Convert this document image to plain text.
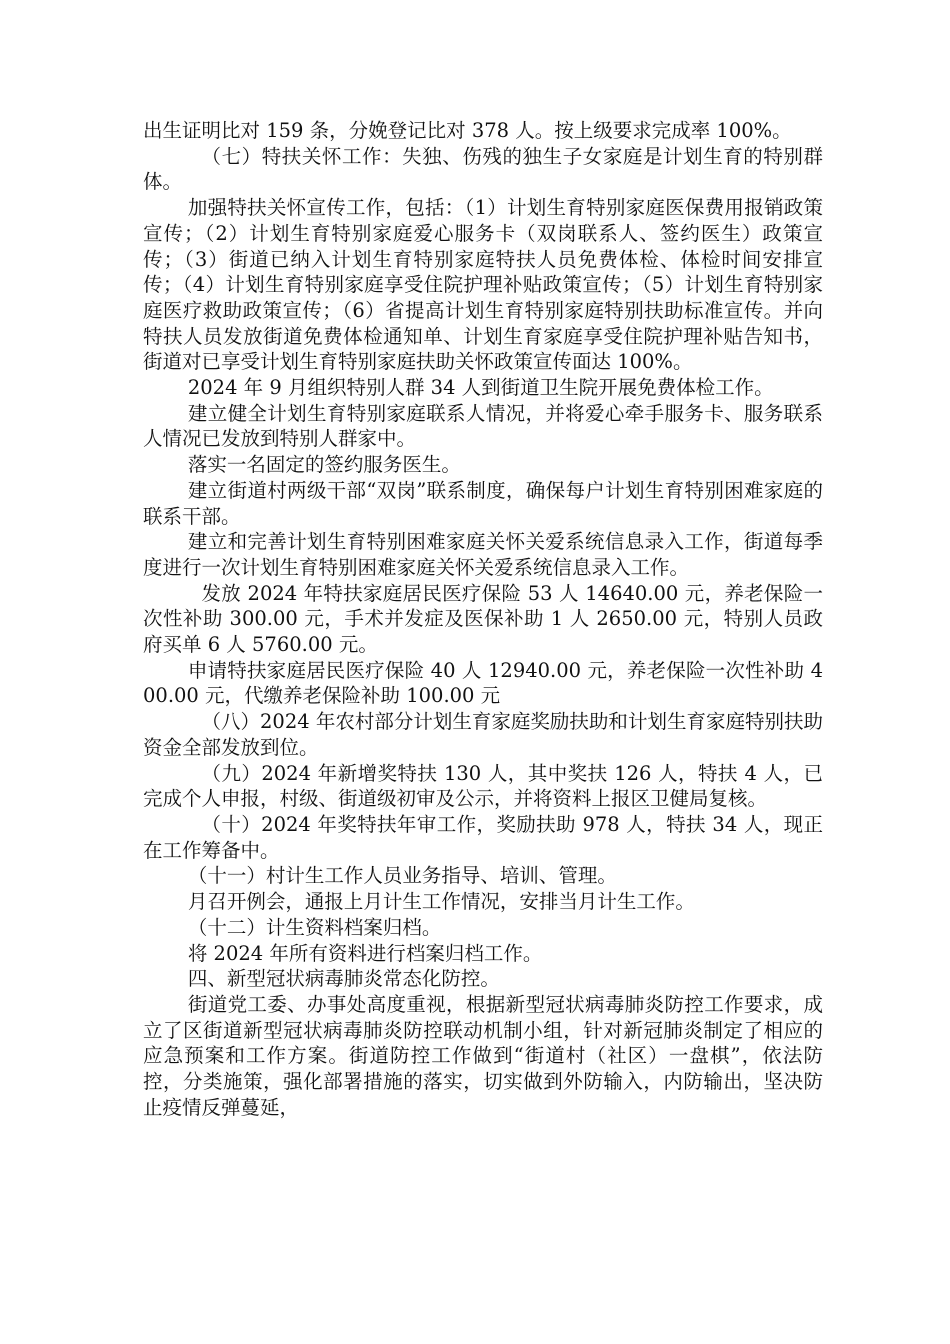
出生证明比对 159 条，分娩登记比对 378 人。按上级要求完成率 100%。

（七）特扶关怀工作：失独、伤残的独生子女家庭是计划生育的特别群体。

加强特扶关怀宣传工作，包括：（1）计划生育特别家庭医保费用报销政策宣传；（2）计划生育特别家庭爱心服务卡（双岗联系人、签约医生）政策宣传；（3）街道已纳入计划生育特别家庭特扶人员免费体检、体检时间安排宣传；（4）计划生育特别家庭享受住院护理补贴政策宣传；（5）计划生育特别家庭医疗救助政策宣传；（6）省提高计划生育特别家庭特别扶助标准宣传。并向特扶人员发放街道免费体检通知单、计划生育家庭享受住院护理补贴告知书，街道对已享受计划生育特别家庭扶助关怀政策宣传面达 100%。

2024 年 9 月组织特别人群 34 人到街道卫生院开展免费体检工作。

建立健全计划生育特别家庭联系人情况，并将爱心牵手服务卡、服务联系人情况已发放到特别人群家中。

落实一名固定的签约服务医生。

建立街道村两级干部“双岗”联系制度，确保每户计划生育特别困难家庭的联系干部。

建立和完善计划生育特别困难家庭关怀关爱系统信息录入工作，街道每季度进行一次计划生育特别困难家庭关怀关爱系统信息录入工作。

发放 2024 年特扶家庭居民医疗保险 53 人 14640.00 元，养老保险一次性补助 300.00 元，手术并发症及医保补助 1 人 2650.00 元，特别人员政府买单 6 人 5760.00 元。

申请特扶家庭居民医疗保险 40 人 12940.00 元，养老保险一次性补助 400.00 元，代缴养老保险补助 100.00 元

（八）2024 年农村部分计划生育家庭奖励扶助和计划生育家庭特别扶助资金全部发放到位。

（九）2024 年新增奖特扶 130 人，其中奖扶 126 人，特扶 4 人，已完成个人申报，村级、街道级初审及公示，并将资料上报区卫健局复核。

（十）2024 年奖特扶年审工作，奖励扶助 978 人，特扶 34 人，现正在工作筹备中。

（十一）村计生工作人员业务指导、培训、管理。

月召开例会，通报上月计生工作情况，安排当月计生工作。

（十二）计生资料档案归档。

将 2024 年所有资料进行档案归档工作。

四、新型冠状病毒肺炎常态化防控。

街道党工委、办事处高度重视，根据新型冠状病毒肺炎防控工作要求，成立了区街道新型冠状病毒肺炎防控联动机制小组，针对新冠肺炎制定了相应的应急预案和工作方案。街道防控工作做到“街道村（社区）一盘棋”，依法防控，分类施策，强化部署措施的落实，切实做到外防输入，内防输出，坚决防止疫情反弹蔓延，
